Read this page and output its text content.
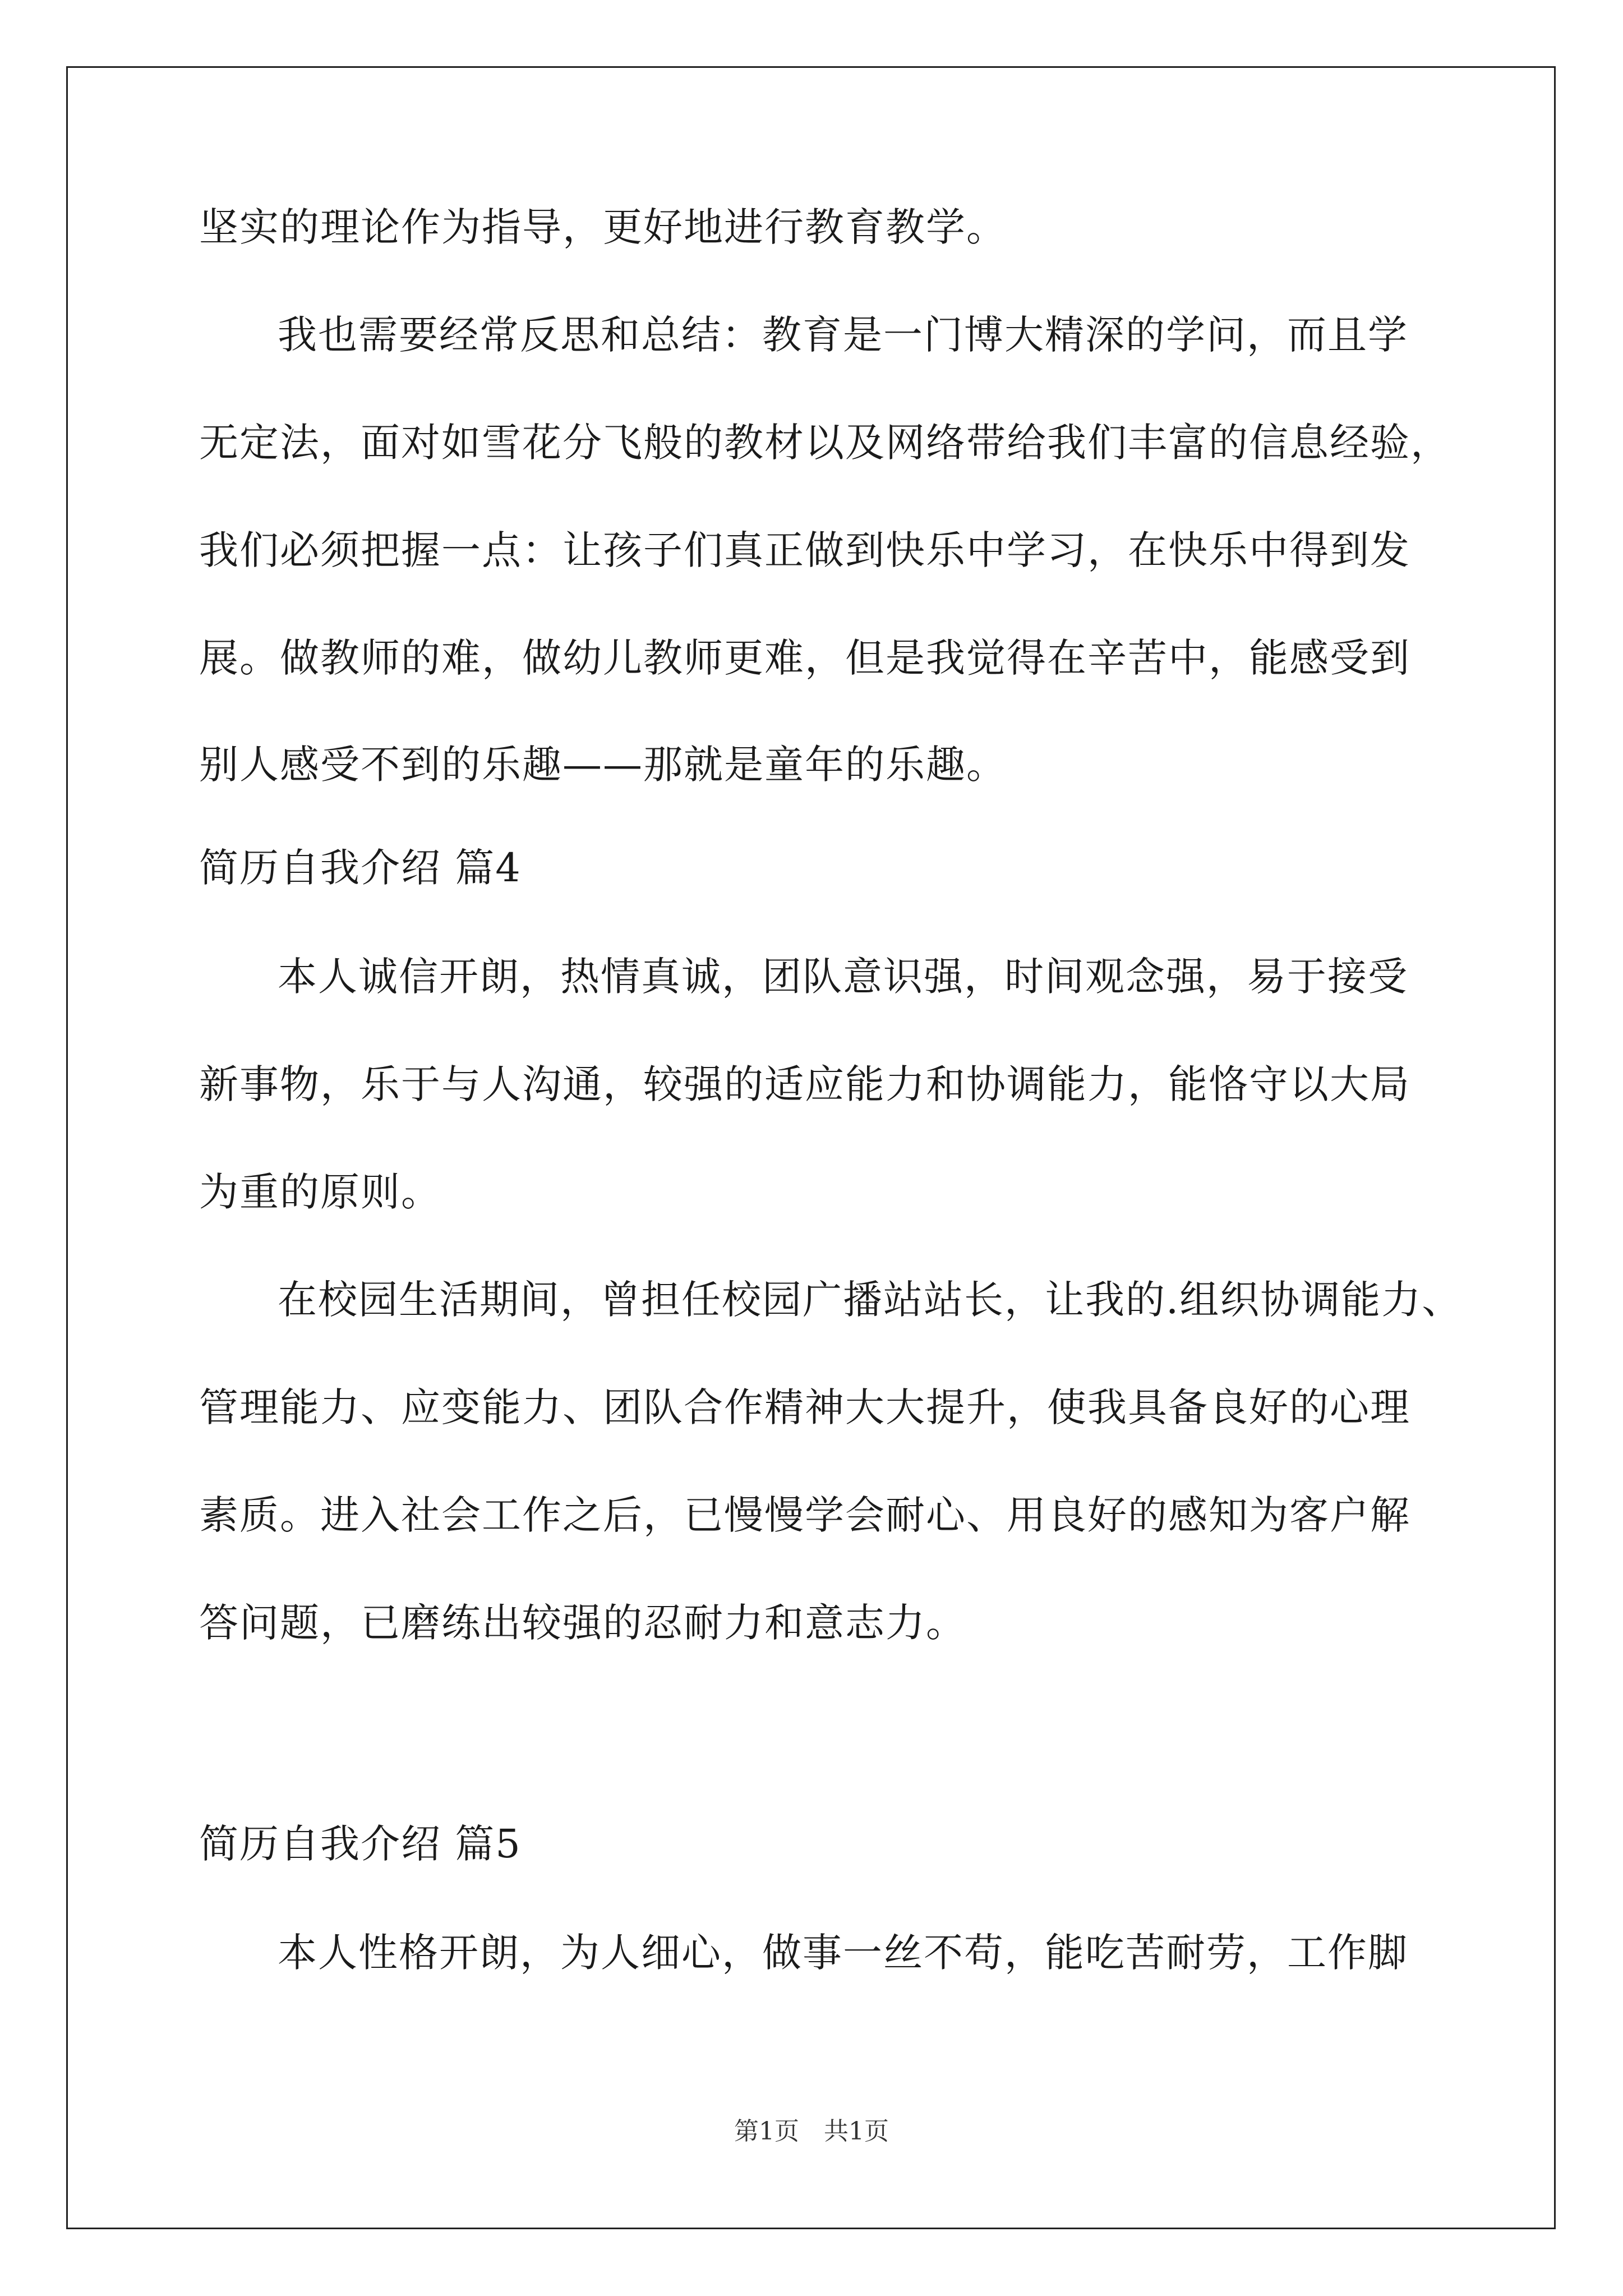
坚实的理论作为指导，更好地进行教育教学。
我也需要经常反思和总结：教育是一门博大精深的学问，而且学
无定法，面对如雪花分飞般的教材以及网络带给我们丰富的信息经验，
我们必须把握一点：让孩子们真正做到快乐中学习，在快乐中得到发
展。做教师的难，做幼儿教师更难，但是我觉得在辛苦中，能感受到
别人感受不到的乐趣——那就是童年的乐趣。
简历自我介绍 篇4
本人诚信开朗，热情真诚，团队意识强，时间观念强，易于接受
新事物，乐于与人沟通，较强的适应能力和协调能力，能恪守以大局
为重的原则。
在校园生活期间，曾担任校园广播站站长，让我的.组织协调能力、
管理能力、应变能力、团队合作精神大大提升，使我具备良好的心理
素质。进入社会工作之后，已慢慢学会耐心、用良好的感知为客户解
答问题，已磨练出较强的忍耐力和意志力。
简历自我介绍 篇5
本人性格开朗，为人细心，做事一丝不苟，能吃苦耐劳，工作脚
第1页　共1页
